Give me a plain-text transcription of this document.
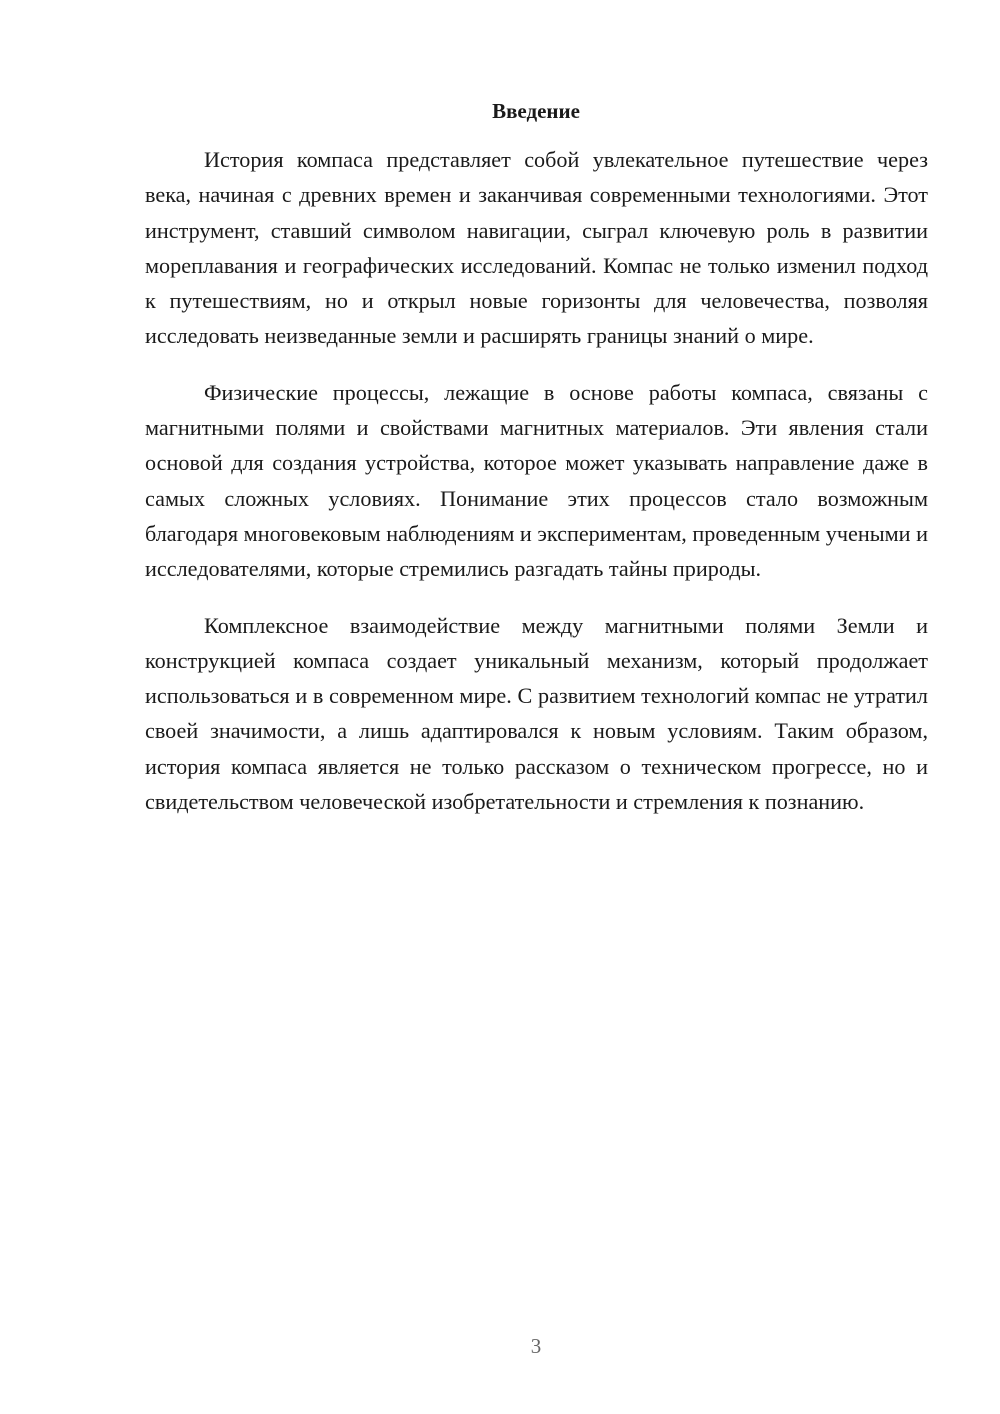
Введение

История компаса представляет собой увлекательное путешествие через века, начиная с древних времен и заканчивая современными технологиями. Этот инструмент, ставший символом навигации, сыграл ключевую роль в развитии мореплавания и географических исследований. Компас не только изменил подход к путешествиям, но и открыл новые горизонты для человечества, позволяя исследовать неизведанные земли и расширять границы знаний о мире.

Физические процессы, лежащие в основе работы компаса, связаны с магнитными полями и свойствами магнитных материалов. Эти явления стали основой для создания устройства, которое может указывать направление даже в самых сложных условиях. Понимание этих процессов стало возможным благодаря многовековым наблюдениям и экспериментам, проведенным учеными и исследователями, которые стремились разгадать тайны природы.

Комплексное взаимодействие между магнитными полями Земли и конструкцией компаса создает уникальный механизм, который продолжает использоваться и в современном мире. С развитием технологий компас не утратил своей значимости, а лишь адаптировался к новым условиям. Таким образом, история компаса является не только рассказом о техническом прогрессе, но и свидетельством человеческой изобретательности и стремления к познанию.

3
